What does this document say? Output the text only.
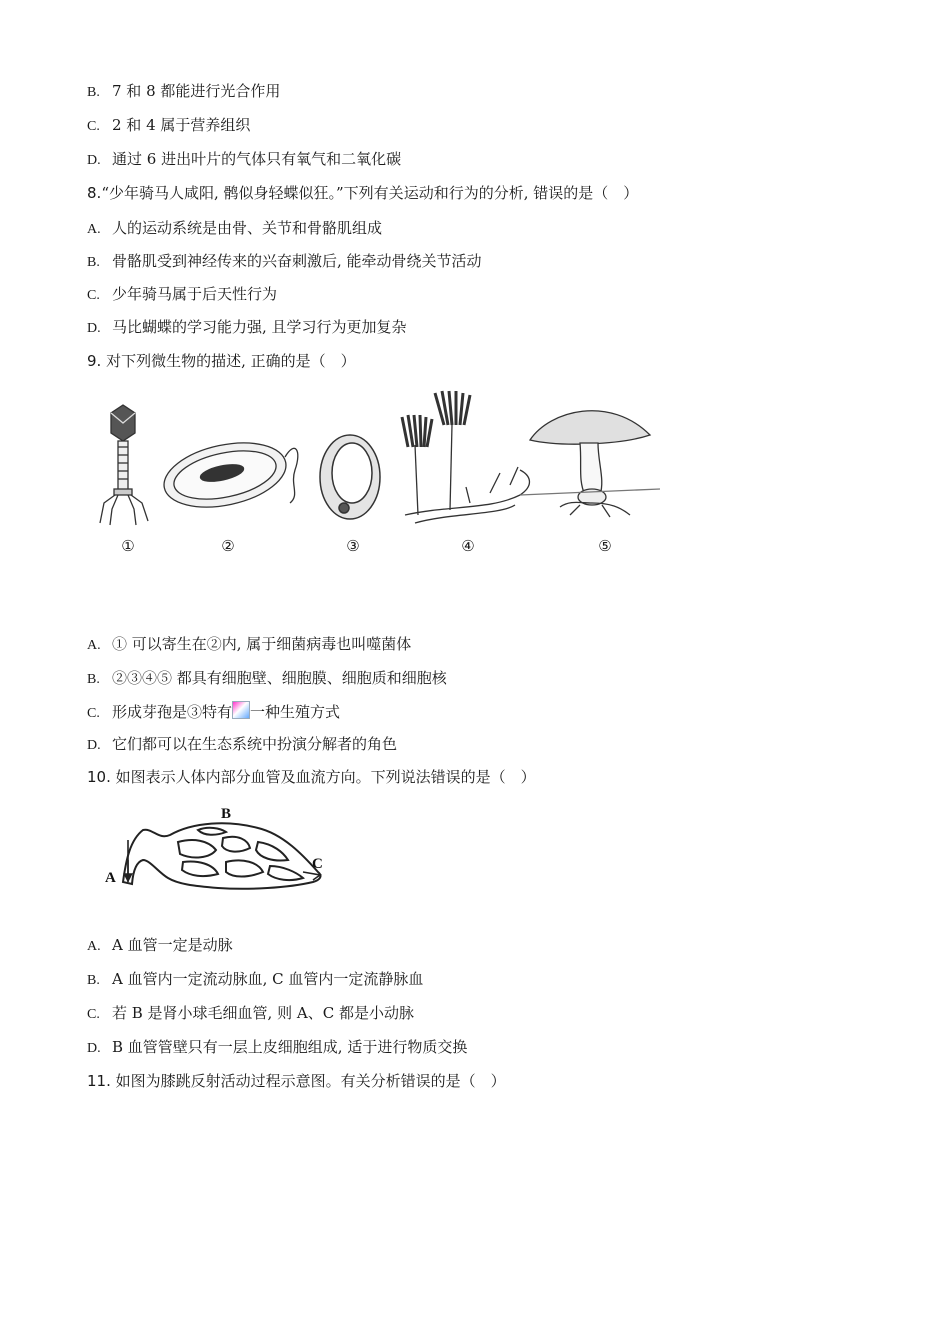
B. 7 和 8 都能进行光合作用
C. 2 和 4 属于营养组织
D. 通过 6 进出叶片的气体只有氧气和二氧化碳
8.“少年骑马人咸阳, 鹘似身轻蝶似狂。”下列有关运动和行为的分析, 错误的是（　）
A. 人的运动系统是由骨、关节和骨骼肌组成
B. 骨骼肌受到神经传来的兴奋刺激后, 能牵动骨绕关节活动
C. 少年骑马属于后天性行为
D. 马比蝴蝶的学习能力强, 且学习行为更加复杂
9. 对下列微生物的描述, 正确的是（　）
①	②	③	④	⑤
A. ① 可以寄生在②内, 属于细菌病毒也叫噬菌体
B. ②③④⑤ 都具有细胞壁、细胞膜、细胞质和细胞核
C. 形成芽孢是③特有 一种生殖方式
D. 它们都可以在生态系统中扮演分解者的角色
10. 如图表示人体内部分血管及血流方向。下列说法错误的是（　）
A
B
C
A. A 血管一定是动脉
B. A 血管内一定流动脉血, C 血管内一定流静脉血
C. 若 B 是肾小球毛细血管, 则 A、C 都是小动脉
D. B 血管管壁只有一层上皮细胞组成, 适于进行物质交换
11. 如图为膝跳反射活动过程示意图。有关分析错误的是（　）
